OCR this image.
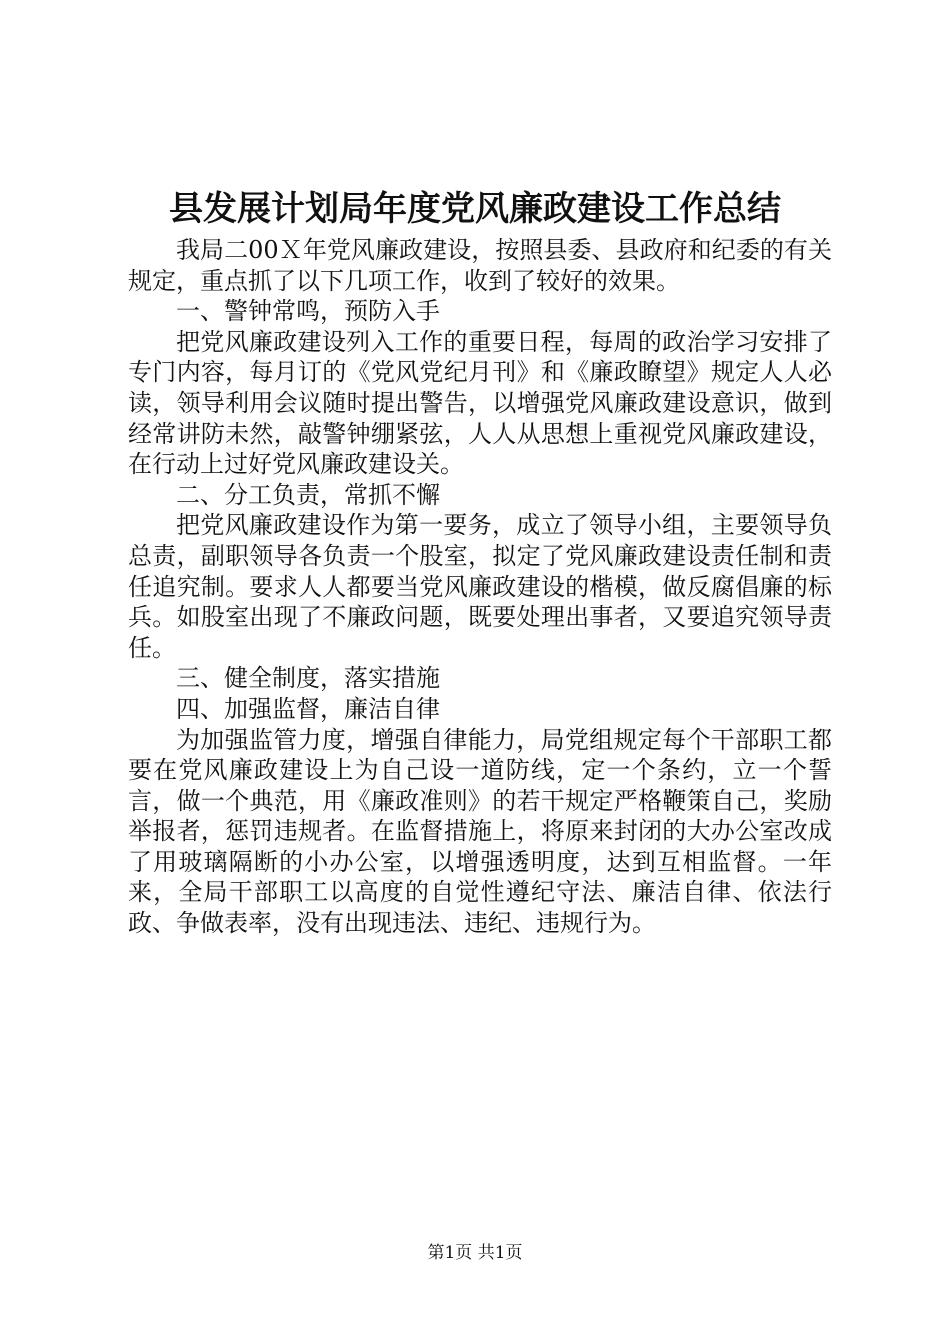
县发展计划局年度党风廉政建设工作总结

我局二00Ｘ年党风廉政建设，按照县委、县政府和纪委的有关规定，重点抓了以下几项工作，收到了较好的效果。

一、警钟常鸣，预防入手

把党风廉政建设列入工作的重要日程，每周的政治学习安排了专门内容，每月订的《党风党纪月刊》和《廉政瞭望》规定人人必读，领导利用会议随时提出警告，以增强党风廉政建设意识，做到经常讲防未然，敲警钟绷紧弦，人人从思想上重视党风廉政建设，在行动上过好党风廉政建设关。

二、分工负责，常抓不懈

把党风廉政建设作为第一要务，成立了领导小组，主要领导负总责，副职领导各负责一个股室，拟定了党风廉政建设责任制和责任追究制。要求人人都要当党风廉政建设的楷模，做反腐倡廉的标兵。如股室出现了不廉政问题，既要处理出事者，又要追究领导责任。

三、健全制度，落实措施

四、加强监督，廉洁自律

为加强监管力度，增强自律能力，局党组规定每个干部职工都要在党风廉政建设上为自己设一道防线，定一个条约，立一个誓言，做一个典范，用《廉政准则》的若干规定严格鞭策自己，奖励举报者，惩罚违规者。在监督措施上，将原来封闭的大办公室改成了用玻璃隔断的小办公室，以增强透明度，达到互相监督。一年来，全局干部职工以高度的自觉性遵纪守法、廉洁自律、依法行政、争做表率，没有出现违法、违纪、违规行为。

第1页 共1页
